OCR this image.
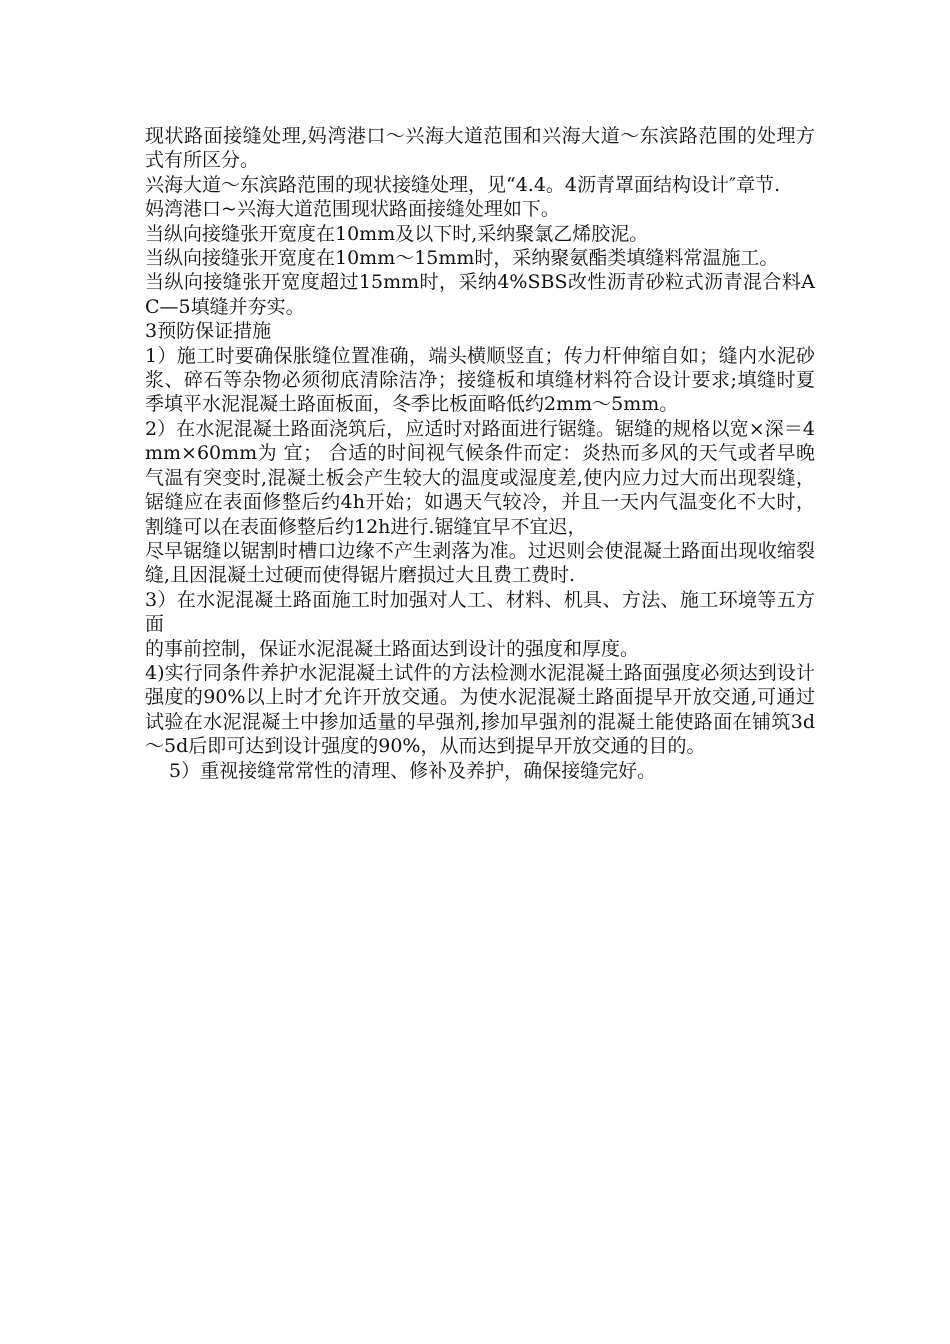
现状路面接缝处理,妈湾港口～兴海大道范围和兴海大道～东滨路范围的处理方式有所区分。

兴海大道～东滨路范围的现状接缝处理，见“4.4。4沥青罩面结构设计″章节.

妈湾港口~兴海大道范围现状路面接缝处理如下。

当纵向接缝张开宽度在10mm及以下时,采纳聚氯乙烯胶泥。

当纵向接缝张开宽度在10mm～15mm时，采纳聚氨酯类填缝料常温施工。

当纵向接缝张开宽度超过15mm时，采纳4%SBS改性沥青砂粒式沥青混合料AC—5填缝并夯实。

3预防保证措施

1）施工时要确保胀缝位置准确，端头横顺竖直；传力杆伸缩自如；缝内水泥砂浆、碎石等杂物必须彻底清除洁净；接缝板和填缝材料符合设计要求;填缝时夏季填平水泥混凝土路面板面，冬季比板面略低约2mm～5mm。

2）在水泥混凝土路面浇筑后，应适时对路面进行锯缝。锯缝的规格以宽×深＝4mm×60mm为 宜； 合适的时间视气候条件而定：炎热而多风的天气或者早晚气温有突变时,混凝土板会产生较大的温度或湿度差,使内应力过大而出现裂缝，锯缝应在表面修整后约4h开始；如遇天气较冷，并且一天内气温变化不大时，割缝可以在表面修整后约12h进行.锯缝宜早不宜迟，

尽早锯缝以锯割时槽口边缘不产生剥落为准。过迟则会使混凝土路面出现收缩裂缝,且因混凝土过硬而使得锯片磨损过大且费工费时.

3）在水泥混凝土路面施工时加强对人工、材料、机具、方法、施工环境等五方面

的事前控制，保证水泥混凝土路面达到设计的强度和厚度。

4)实行同条件养护水泥混凝土试件的方法检测水泥混凝土路面强度必须达到设计强度的90%以上时才允许开放交通。为使水泥混凝土路面提早开放交通,可通过试验在水泥混凝土中掺加适量的早强剂,掺加早强剂的混凝土能使路面在铺筑3d～5d后即可达到设计强度的90%，从而达到提早开放交通的目的。

5）重视接缝常常性的清理、修补及养护，确保接缝完好。
